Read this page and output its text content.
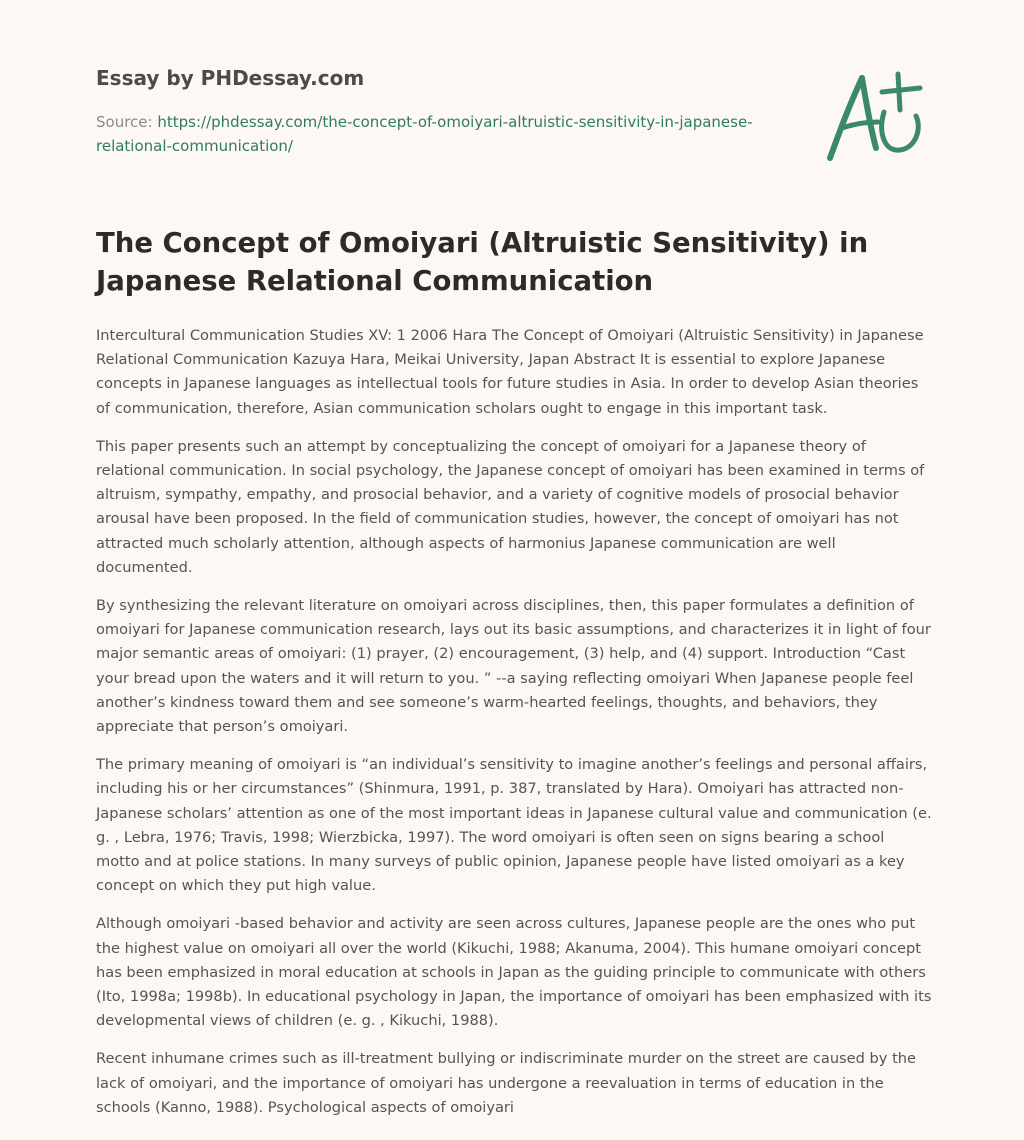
Essay by PHDessay.com
Source: https://phdessay.com/the-concept-of-omoiyari-altruistic-sensitivity-in-japanese-relational-communication/
The Concept of Omoiyari (Altruistic Sensitivity) in Japanese Relational Communication

Intercultural Communication Studies XV: 1 2006 Hara The Concept of Omoiyari (Altruistic Sensitivity) in Japanese Relational Communication Kazuya Hara, Meikai University, Japan Abstract It is essential to explore Japanese concepts in Japanese languages as intellectual tools for future studies in Asia. In order to develop Asian theories of communication, therefore, Asian communication scholars ought to engage in this important task.

This paper presents such an attempt by conceptualizing the concept of omoiyari for a Japanese theory of relational communication. In social psychology, the Japanese concept of omoiyari has been examined in terms of altruism, sympathy, empathy, and prosocial behavior, and a variety of cognitive models of prosocial behavior arousal have been proposed. In the field of communication studies, however, the concept of omoiyari has not attracted much scholarly attention, although aspects of harmonius Japanese communication are well documented.

By synthesizing the relevant literature on omoiyari across disciplines, then, this paper formulates a definition of omoiyari for Japanese communication research, lays out its basic assumptions, and characterizes it in light of four major semantic areas of omoiyari: (1) prayer, (2) encouragement, (3) help, and (4) support. Introduction “Cast your bread upon the waters and it will return to you. ” --a saying reflecting omoiyari When Japanese people feel another’s kindness toward them and see someone’s warm-hearted feelings, thoughts, and behaviors, they appreciate that person’s omoiyari.

The primary meaning of omoiyari is “an individual’s sensitivity to imagine another’s feelings and personal affairs, including his or her circumstances” (Shinmura, 1991, p. 387, translated by Hara). Omoiyari has attracted non-Japanese scholars’ attention as one of the most important ideas in Japanese cultural value and communication (e. g. , Lebra, 1976; Travis, 1998; Wierzbicka, 1997). The word omoiyari is often seen on signs bearing a school motto and at police stations. In many surveys of public opinion, Japanese people have listed omoiyari as a key concept on which they put high value.

Although omoiyari -based behavior and activity are seen across cultures, Japanese people are the ones who put the highest value on omoiyari all over the world (Kikuchi, 1988; Akanuma, 2004). This humane omoiyari concept has been emphasized in moral education at schools in Japan as the guiding principle to communicate with others (Ito, 1998a; 1998b). In educational psychology in Japan, the importance of omoiyari has been emphasized with its developmental views of children (e. g. , Kikuchi, 1988).

Recent inhumane crimes such as ill-treatment bullying or indiscriminate murder on the street are caused by the lack of omoiyari, and the importance of omoiyari has undergone a reevaluation in terms of education in the schools (Kanno, 1988). Psychological aspects of omoiyari
